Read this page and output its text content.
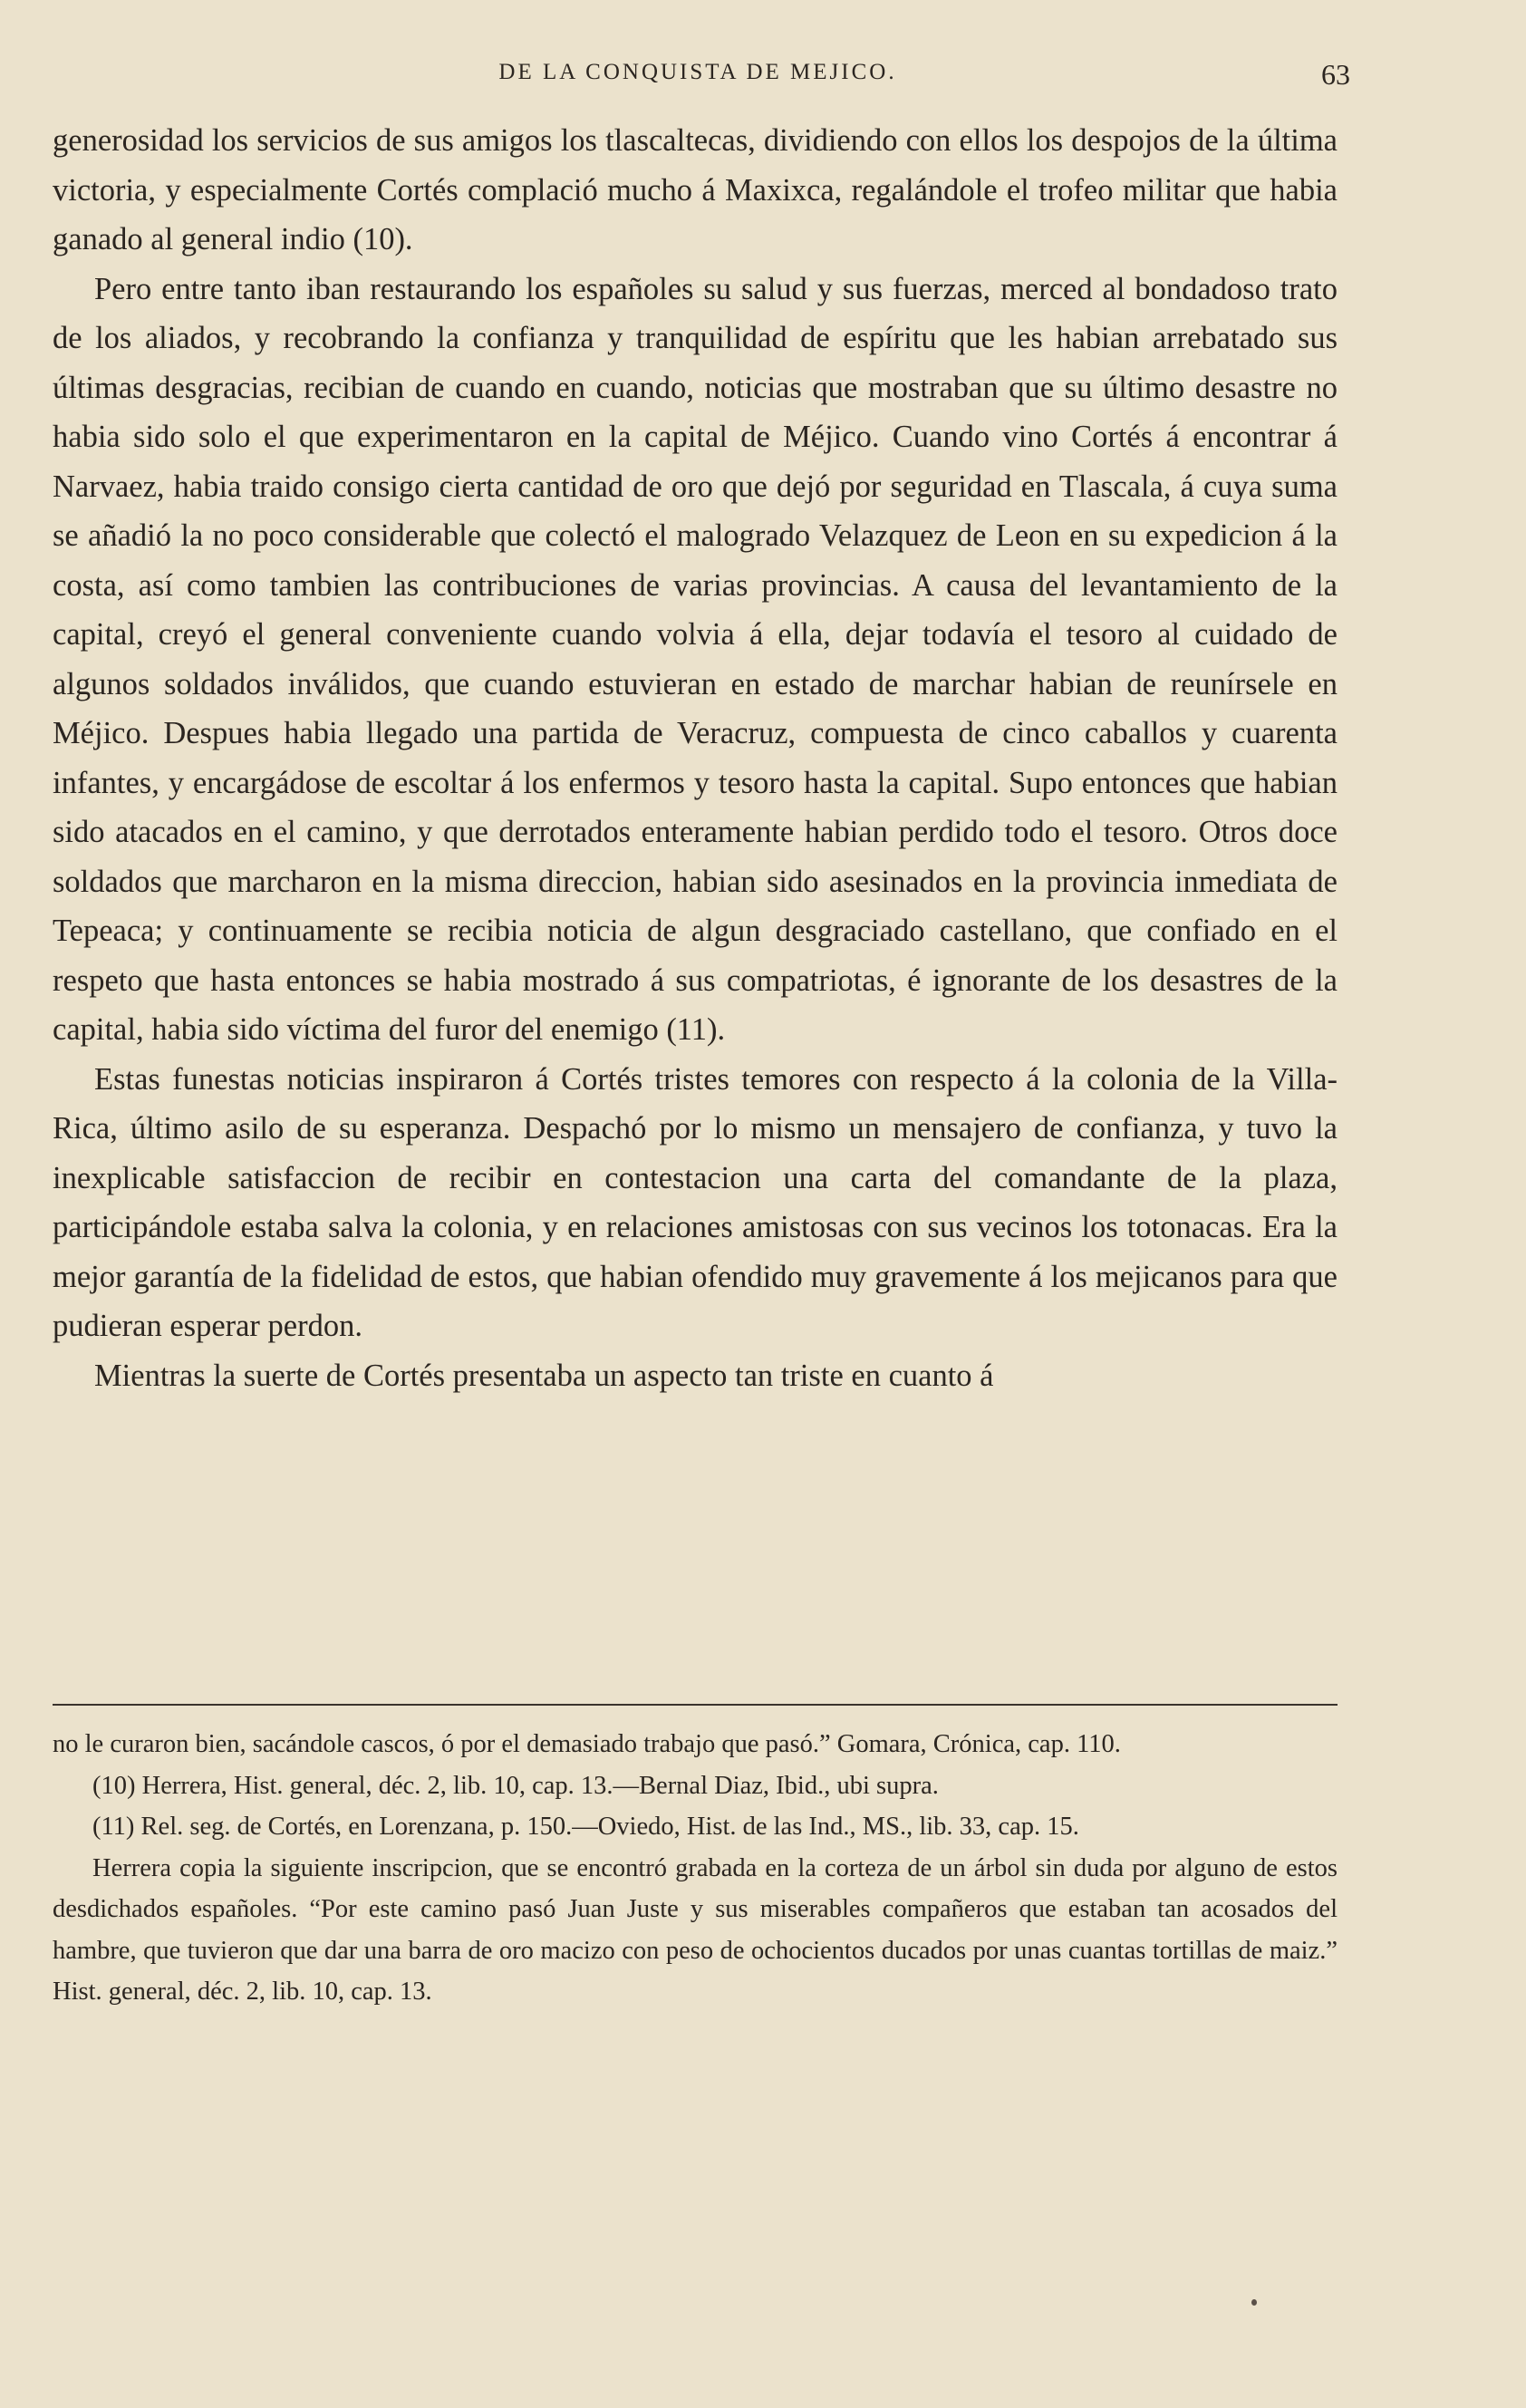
DE LA CONQUISTA DE MEJICO.	63

generosidad los servicios de sus amigos los tlascaltecas, dividiendo con ellos los despojos de la última victoria, y especialmente Cortés complació mucho á Maxixca, regalándole el trofeo militar que habia ganado al general indio (10).

Pero entre tanto iban restaurando los españoles su salud y sus fuerzas, merced al bondadoso trato de los aliados, y recobrando la confianza y tranquilidad de espíritu que les habian arrebatado sus últimas desgracias, recibian de cuando en cuando, noticias que mostraban que su último desastre no habia sido solo el que experimentaron en la capital de Méjico. Cuando vino Cortés á encontrar á Narvaez, habia traido consigo cierta cantidad de oro que dejó por seguridad en Tlascala, á cuya suma se añadió la no poco considerable que colectó el malogrado Velazquez de Leon en su expedicion á la costa, así como tambien las contribuciones de varias provincias. A causa del levantamiento de la capital, creyó el general conveniente cuando volvia á ella, dejar todavía el tesoro al cuidado de algunos soldados inválidos, que cuando estuvieran en estado de marchar habian de reunírsele en Méjico. Despues habia llegado una partida de Veracruz, compuesta de cinco caballos y cuarenta infantes, y encargádose de escoltar á los enfermos y tesoro hasta la capital. Supo entonces que habian sido atacados en el camino, y que derrotados enteramente habian perdido todo el tesoro. Otros doce soldados que marcharon en la misma direccion, habian sido asesinados en la provincia inmediata de Tepeaca; y continuamente se recibia noticia de algun desgraciado castellano, que confiado en el respeto que hasta entonces se habia mostrado á sus compatriotas, é ignorante de los desastres de la capital, habia sido víctima del furor del enemigo (11).

Estas funestas noticias inspiraron á Cortés tristes temores con respecto á la colonia de la Villa-Rica, último asilo de su esperanza. Despachó por lo mismo un mensajero de confianza, y tuvo la inexplicable satisfaccion de recibir en contestacion una carta del comandante de la plaza, participándole estaba salva la colonia, y en relaciones amistosas con sus vecinos los totonacas. Era la mejor garantía de la fidelidad de estos, que habian ofendido muy gravemente á los mejicanos para que pudieran esperar perdon.

Mientras la suerte de Cortés presentaba un aspecto tan triste en cuanto á

no le curaron bien, sacándole cascos, ó por el demasiado trabajo que pasó.” Gomara, Crónica, cap. 110.

(10) Herrera, Hist. general, déc. 2, lib. 10, cap. 13.—Bernal Diaz, Ibid., ubi supra.

(11) Rel. seg. de Cortés, en Lorenzana, p. 150.—Oviedo, Hist. de las Ind., MS., lib. 33, cap. 15.

Herrera copia la siguiente inscripcion, que se encontró grabada en la corteza de un árbol sin duda por alguno de estos desdichados españoles. “Por este camino pasó Juan Juste y sus miserables compañeros que estaban tan acosados del hambre, que tuvieron que dar una barra de oro macizo con peso de ochocientos ducados por unas cuantas tortillas de maiz.” Hist. general, déc. 2, lib. 10, cap. 13.
